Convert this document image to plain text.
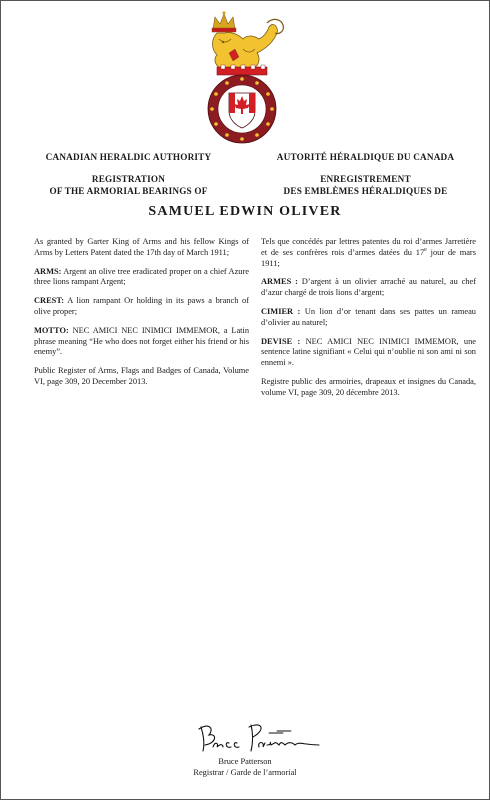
CANADIAN HERALDIC AUTHORITY
REGISTRATION
OF THE ARMORIAL BEARINGS OF
AUTORITÉ HÉRALDIQUE DU CANADA
ENREGISTREMENT
DES EMBLÈMES HÉRALDIQUES DE
SAMUEL EDWIN OLIVER

As granted by Garter King of Arms and his fellow Kings of Arms by Letters Patent dated the 17th day of March 1911;

ARMS: Argent an olive tree eradicated proper on a chief Azure three lions rampant Argent;

CREST: A lion rampant Or holding in its paws a branch of olive proper;

MOTTO: NEC AMICI NEC INIMICI IMMEMOR, a Latin phrase meaning “He who does not forget either his friend or his enemy”.

Public Register of Arms, Flags and Badges of Canada, Volume VI, page 309, 20 December 2013.

Tels que concédés par lettres patentes du roi d’armes Jarretière et de ses confrères rois d’armes datées du 17e jour de mars 1911;

ARMES : D’argent à un olivier arraché au naturel, au chef d’azur chargé de trois lions d’argent;

CIMIER : Un lion d’or tenant dans ses pattes un rameau d’olivier au naturel;

DEVISE : NEC AMICI NEC INIMICI IMMEMOR, une sentence latine signifiant « Celui qui n’oublie ni son ami ni son ennemi ».

Registre public des armoiries, drapeaux et insignes du Canada, volume VI, page 309, 20 décembre 2013.

Bruce Patterson
Registrar / Garde de l’armorial
